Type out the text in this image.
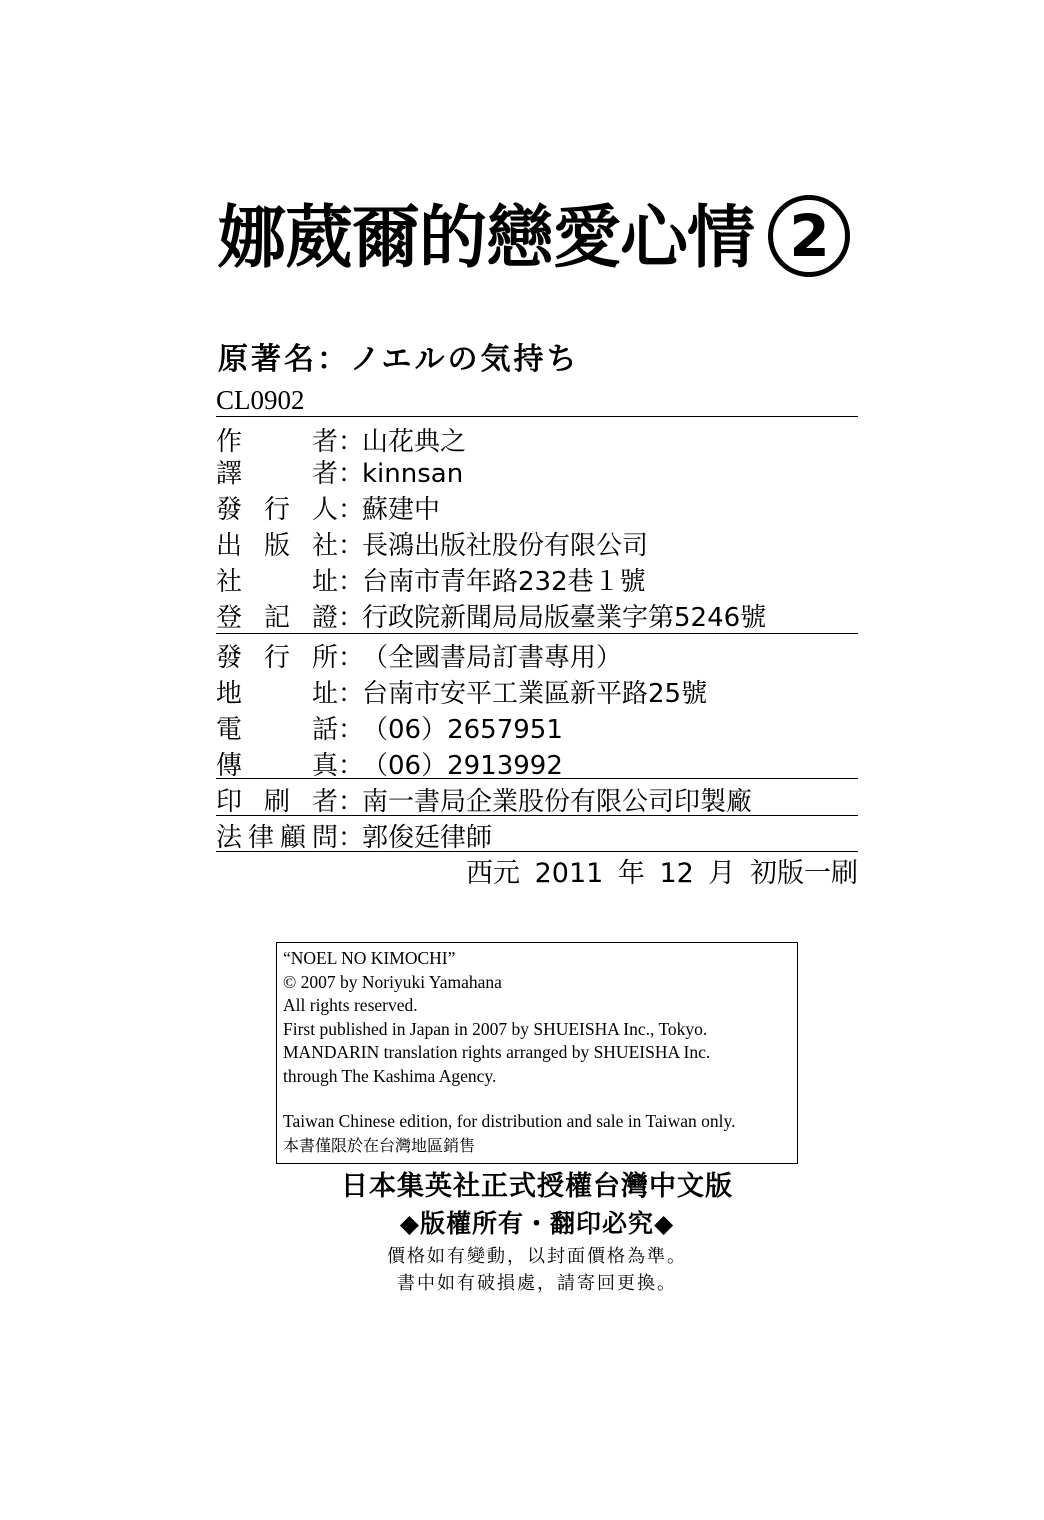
娜葳爾的戀愛心情 2
原著名：ノエルの気持ち
CL0902
作	者 ：
山花典之
譯	者 ：
kinnsan
發 行 人 ：
蘇建中
出 版 社 ：
長鴻出版社股份有限公司
社	址 ：
台南市青年路232巷１號
登 記 證 ：
行政院新聞局局版臺業字第5246號
發 行 所 ：
（全國書局訂書專用）
地	址 ：
台南市安平工業區新平路25號
電	話 ：
（06）2657951
傳	真 ：
（06）2913992
印 刷 者 ：
南一書局企業股份有限公司印製廠
法 律 顧 問 ：
郭俊廷律師
西元 2011 年 12 月 初版一刷
“NOEL NO KIMOCHI”
© 2007 by Noriyuki Yamahana
All rights reserved.
First published in Japan in 2007 by SHUEISHA Inc., Tokyo.
MANDARIN translation rights arranged by SHUEISHA Inc.
through The Kashima Agency.
Taiwan Chinese edition, for distribution and sale in Taiwan only.
本書僅限於在台灣地區銷售
日本集英社正式授權台灣中文版
◆版權所有・翻印必究◆
價格如有變動，以封面價格為準。
書中如有破損處，請寄回更換。
